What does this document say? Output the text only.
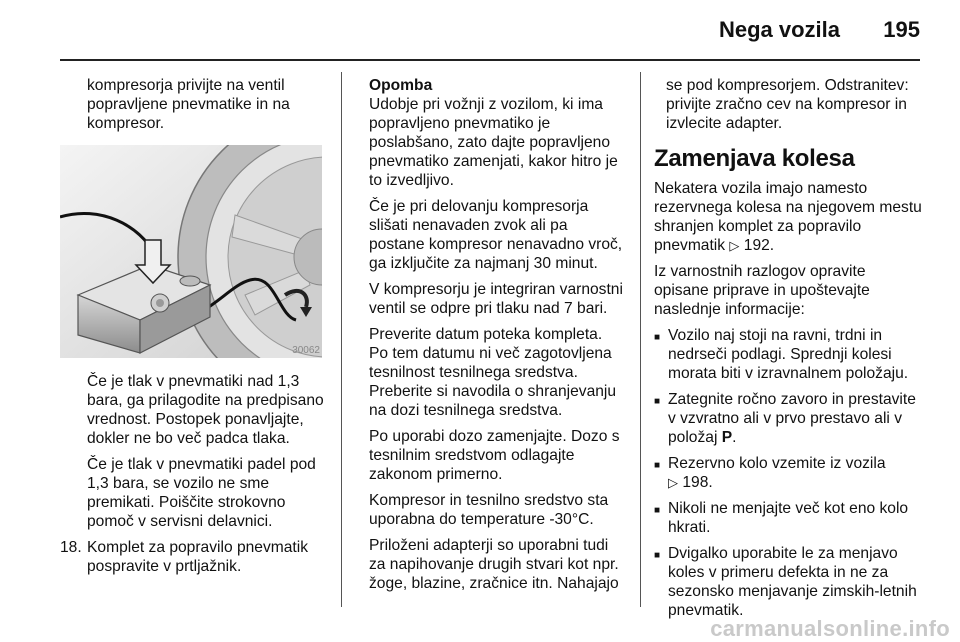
Nega vozila 195

kompresorja privijte na ventil popravljene pnevmatike in na kompresor.

30062

Če je tlak v pnevmatiki nad 1,3 bara, ga prilagodite na predpisano vrednost. Postopek ponavljajte, dokler ne bo več padca tlaka.

Če je tlak v pnevmatiki padel pod 1,3 bara, se vozilo ne sme premikati. Poiščite strokovno pomoč v servisni delavnici.

18. Komplet za popravilo pnevmatik pospravite v prtljažnik.
Opomba

Udobje pri vožnji z vozilom, ki ima popravljeno pnevmatiko je poslabšano, zato dajte popravljeno pnevmatiko zamenjati, kakor hitro je to izvedljivo.

Če je pri delovanju kompresorja slišati nenavaden zvok ali pa postane kompresor nenavadno vroč, ga izključite za najmanj 30 minut.

V kompresorju je integriran varnostni ventil se odpre pri tlaku nad 7 bari.

Preverite datum poteka kompleta. Po tem datumu ni več zagotovljena tesnilnost tesnilnega sredstva. Preberite si navodila o shranjevanju na dozi tesnilnega sredstva.

Po uporabi dozo zamenjajte. Dozo s tesnilnim sredstvom odlagajte zakonom primerno.

Kompresor in tesnilno sredstvo sta uporabna do temperature -30°C.

Priloženi adapterji so uporabni tudi za napihovanje drugih stvari kot npr. žoge, blazine, zračnice itn. Nahajajo

se pod kompresorjem. Odstranitev: privijte zračno cev na kompresor in izvlecite adapter.

Zamenjava kolesa

Nekatera vozila imajo namesto rezervnega kolesa na njegovem mestu shranjen komplet za popravilo pnevmatik ▷ 192.

Iz varnostnih razlogov opravite opisane priprave in upoštevajte naslednje informacije:

■ Vozilo naj stoji na ravni, trdni in nedrseči podlagi. Sprednji kolesi morata biti v izravnalnem položaju.
■ Zategnite ročno zavoro in prestavite v vzvratno ali v prvo prestavo ali v položaj P.
■ Rezervno kolo vzemite iz vozila
▷ 198.
■ Nikoli ne menjajte več kot eno kolo hkrati.
■ Dvigalko uporabite le za menjavo koles v primeru defekta in ne za sezonsko menjavanje zimskih-letnih pnevmatik.
carmanualsonline.info
